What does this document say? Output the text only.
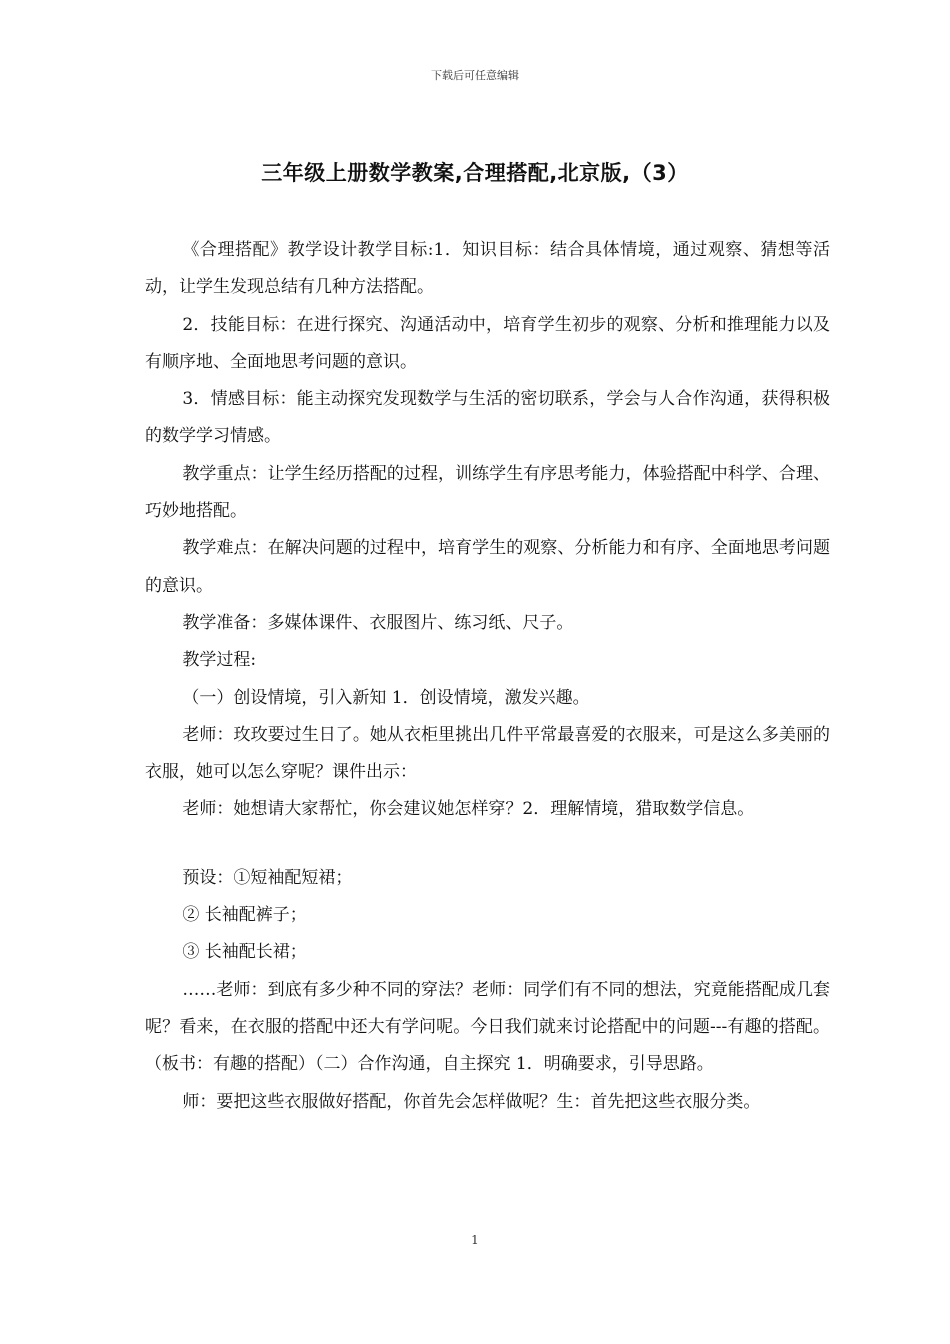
下载后可任意编辑
三年级上册数学教案,合理搭配,北京版,（3）

《合理搭配》教学设计教学目标:1．知识目标：结合具体情境，通过观察、猜想等活动，让学生发现总结有几种方法搭配。

2．技能目标：在进行探究、沟通活动中，培育学生初步的观察、分析和推理能力以及有顺序地、全面地思考问题的意识。

3．情感目标：能主动探究发现数学与生活的密切联系，学会与人合作沟通，获得积极的数学学习情感。

教学重点：让学生经历搭配的过程，训练学生有序思考能力，体验搭配中科学、合理、巧妙地搭配。

教学难点：在解决问题的过程中，培育学生的观察、分析能力和有序、全面地思考问题的意识。

教学准备：多媒体课件、衣服图片、练习纸、尺子。

教学过程:

（一）创设情境，引入新知 1．创设情境，激发兴趣。

老师：玫玫要过生日了。她从衣柜里挑出几件平常最喜爱的衣服来，可是这么多美丽的衣服，她可以怎么穿呢？课件出示：

老师：她想请大家帮忙，你会建议她怎样穿？2．理解情境，猎取数学信息。

预设：①短袖配短裙；

② 长袖配裤子；

③ 长袖配长裙；

……老师：到底有多少种不同的穿法？老师：同学们有不同的想法，究竟能搭配成几套呢？看来，在衣服的搭配中还大有学问呢。今日我们就来讨论搭配中的问题---有趣的搭配。（板书：有趣的搭配）（二）合作沟通，自主探究 1．明确要求，引导思路。

师：要把这些衣服做好搭配，你首先会怎样做呢？生：首先把这些衣服分类。

1
